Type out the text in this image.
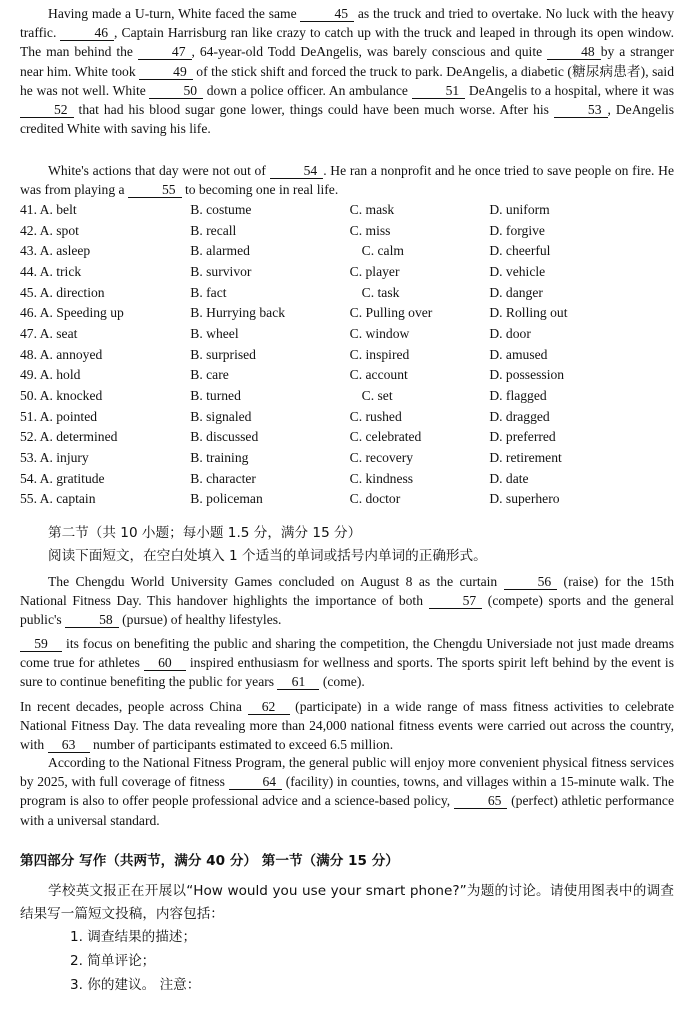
Having made a U-turn, White faced the same	45 as the truck and tried to overtake. No luck with the heavy traffic.	46 , Captain Harrisburg ran like crazy to catch up with the truck and leaped in through its open window. The man behind the	47 , 64-year-old Todd DeAngelis, was barely conscious and quite	48 by a stranger near him. White took	49 of the stick shift and forced the truck to park. DeAngelis, a diabetic (糖尿病患者), said he was not well. White	50 down a police officer. An ambulance	51 DeAngelis to a hospital, where it was 52 that had his blood sugar gone lower, things could have been much worse. After his	53 , DeAngelis credited White with saving his life.
White's actions that day were not out of	54 . He ran a nonprofit and he once tried to save people on fire. He was from playing a	55 to becoming one in real life.
41. A. belt	B. costume	C. mask	D. uniform
42. A. spot	B. recall	C. miss	D. forgive
43. A. asleep	B. alarmed	C. calm	D. cheerful
44. A. trick	B. survivor	C. player	D. vehicle
45. A. direction	B. fact	C. task	D. danger
46. A. Speeding up	B. Hurrying back	C. Pulling over	D. Rolling out
47. A. seat	B. wheel	C. window	D. door
48. A. annoyed	B. surprised	C. inspired	D. amused
49. A. hold	B. care	C. account	D. possession
50. A. knocked	B. turned	C. set	D. flagged
51. A. pointed	B. signaled	C. rushed	D. dragged
52. A. determined	B. discussed	C. celebrated	D. preferred
53. A. injury	B. training	C. recovery	D. retirement
54. A. gratitude	B. character	C. kindness	D. date
55. A. captain	B. policeman	C. doctor	D. superhero
第二节（共 10 小题；每小题 1.5 分，满分 15 分）
阅读下面短文，在空白处填入 1 个适当的单词或括号内单词的正确形式。
The Chengdu World University Games concluded on August 8 as the curtain	56 (raise) for the 15th National Fitness Day. This handover highlights the importance of both	57 (compete) sports and the general public's	58 (pursue) of healthy lifestyles.
59 its focus on benefiting the public and sharing the competition, the Chengdu Universiade not just made dreams come true for athletes 60 inspired enthusiasm for wellness and sports. The sports spirit left behind by the event is sure to continue benefiting the public for years 61 (come).
In recent decades, people across China 62 (participate) in a wide range of mass fitness activities to celebrate National Fitness Day. The data revealing more than 24,000 national fitness events were carried out across the country, with 63 number of participants estimated to exceed 6.5 million.
According to the National Fitness Program, the general public will enjoy more convenient physical fitness services by 2025, with full coverage of fitness	64 (facility) in counties, towns, and villages within a 15-minute walk. The program is also to offer people professional advice and a science-based policy,	65 (perfect) athletic performance with a universal standard.
第四部分 写作（共两节，满分 40 分） 第一节（满分 15 分）
学校英文报正在开展以“How would you use your smart phone?”为题的讨论。请使用图表中的调查结果写一篇短文投稿，内容包括：
1. 调查结果的描述；
2. 简单评论；
3. 你的建议。 注意：
